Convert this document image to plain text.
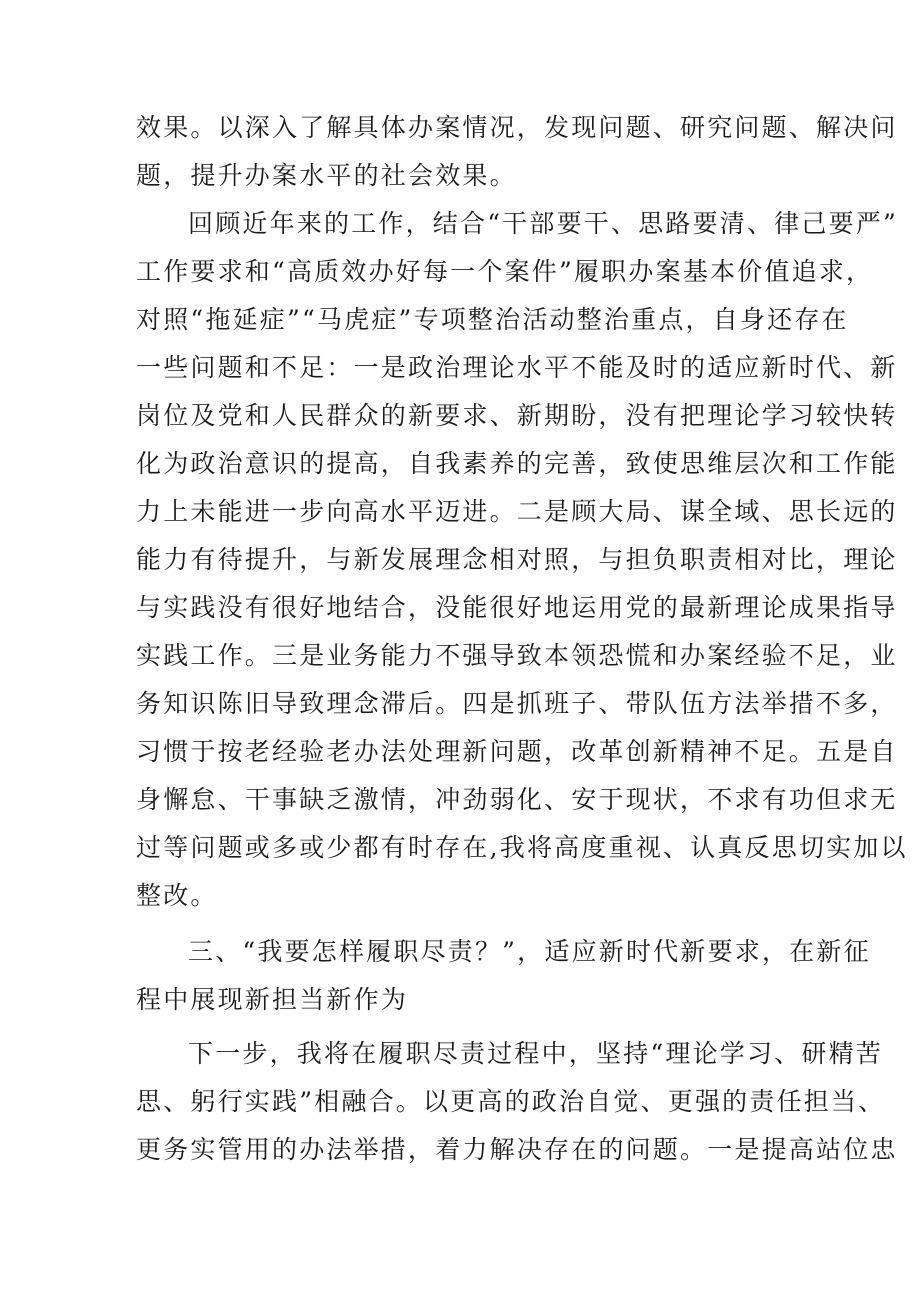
效果。以深入了解具体办案情况，发现问题、研究问题、解决问
题，提升办案水平的社会效果。
回顾近年来的工作，结合“干部要干、思路要清、律己要严”
工作要求和“高质效办好每一个案件”履职办案基本价值追求，
对照“拖延症”“马虎症”专项整治活动整治重点，自身还存在
一些问题和不足：一是政治理论水平不能及时的适应新时代、新
岗位及党和人民群众的新要求、新期盼，没有把理论学习较快转
化为政治意识的提高，自我素养的完善，致使思维层次和工作能
力上未能进一步向高水平迈进。二是顾大局、谋全域、思长远的
能力有待提升，与新发展理念相对照，与担负职责相对比，理论
与实践没有很好地结合，没能很好地运用党的最新理论成果指导
实践工作。三是业务能力不强导致本领恐慌和办案经验不足，业
务知识陈旧导致理念滞后。四是抓班子、带队伍方法举措不多，
习惯于按老经验老办法处理新问题，改革创新精神不足。五是自
身懈怠、干事缺乏激情，冲劲弱化、安于现状，不求有功但求无
过等问题或多或少都有时存在,我将高度重视、认真反思切实加以
整改。
三、“我要怎样履职尽责？”，适应新时代新要求，在新征
程中展现新担当新作为
下一步，我将在履职尽责过程中，坚持“理论学习、研精苦
思、躬行实践”相融合。以更高的政治自觉、更强的责任担当、
更务实管用的办法举措，着力解决存在的问题。一是提高站位忠
